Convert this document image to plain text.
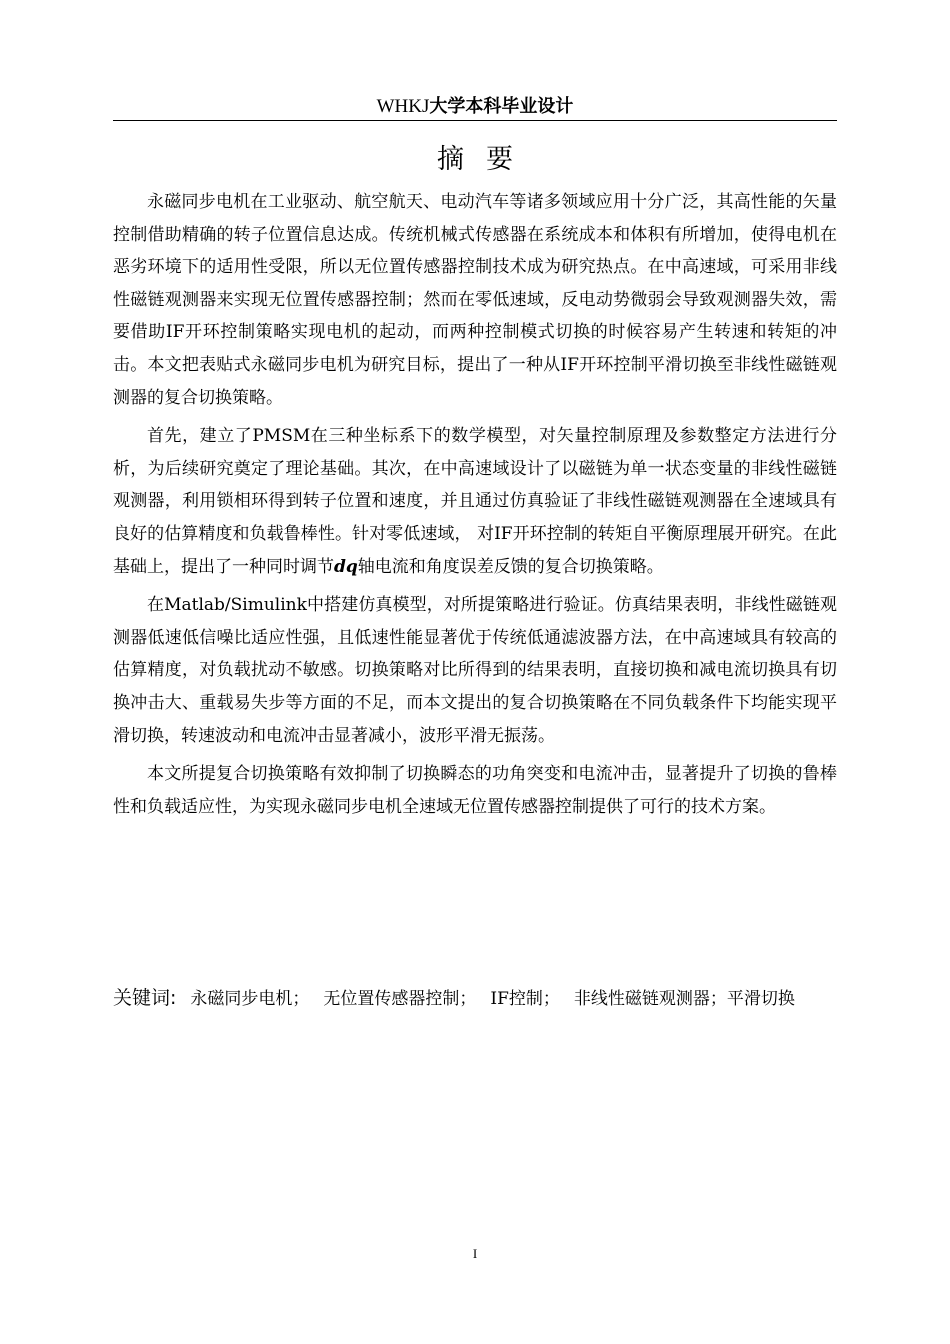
WHKJ大学本科毕业设计
摘要

永磁同步电机在工业驱动、航空航天、电动汽车等诸多领域应用十分广泛，其高性能的矢量控制借助精确的转子位置信息达成。传统机械式传感器在系统成本和体积有所增加，使得电机在恶劣环境下的适用性受限，所以无位置传感器控制技术成为研究热点。在中高速域，可采用非线性磁链观测器来实现无位置传感器控制；然而在零低速域，反电动势微弱会导致观测器失效，需要借助IF开环控制策略实现电机的起动，而两种控制模式切换的时候容易产生转速和转矩的冲击。本文把表贴式永磁同步电机为研究目标，提出了一种从IF开环控制平滑切换至非线性磁链观测器的复合切换策略。

首先，建立了PMSM在三种坐标系下的数学模型，对矢量控制原理及参数整定方法进行分析，为后续研究奠定了理论基础。其次，在中高速域设计了以磁链为单一状态变量的非线性磁链观测器，利用锁相环得到转子位置和速度，并且通过仿真验证了非线性磁链观测器在全速域具有良好的估算精度和负载鲁棒性。针对零低速域， 对IF开环控制的转矩自平衡原理展开研究。在此基础上，提出了一种同时调节dq轴电流和角度误差反馈的复合切换策略。

在Matlab/Simulink中搭建仿真模型，对所提策略进行验证。仿真结果表明，非线性磁链观测器低速低信噪比适应性强，且低速性能显著优于传统低通滤波器方法，在中高速域具有较高的估算精度，对负载扰动不敏感。切换策略对比所得到的结果表明，直接切换和减电流切换具有切换冲击大、重载易失步等方面的不足，而本文提出的复合切换策略在不同负载条件下均能实现平滑切换，转速波动和电流冲击显著减小，波形平滑无振荡。

本文所提复合切换策略有效抑制了切换瞬态的功角突变和电流冲击，显著提升了切换的鲁棒性和负载适应性，为实现永磁同步电机全速域无位置传感器控制提供了可行的技术方案。

关键词: 永磁同步电机； 无位置传感器控制； IF控制； 非线性磁链观测器；平滑切换
I
